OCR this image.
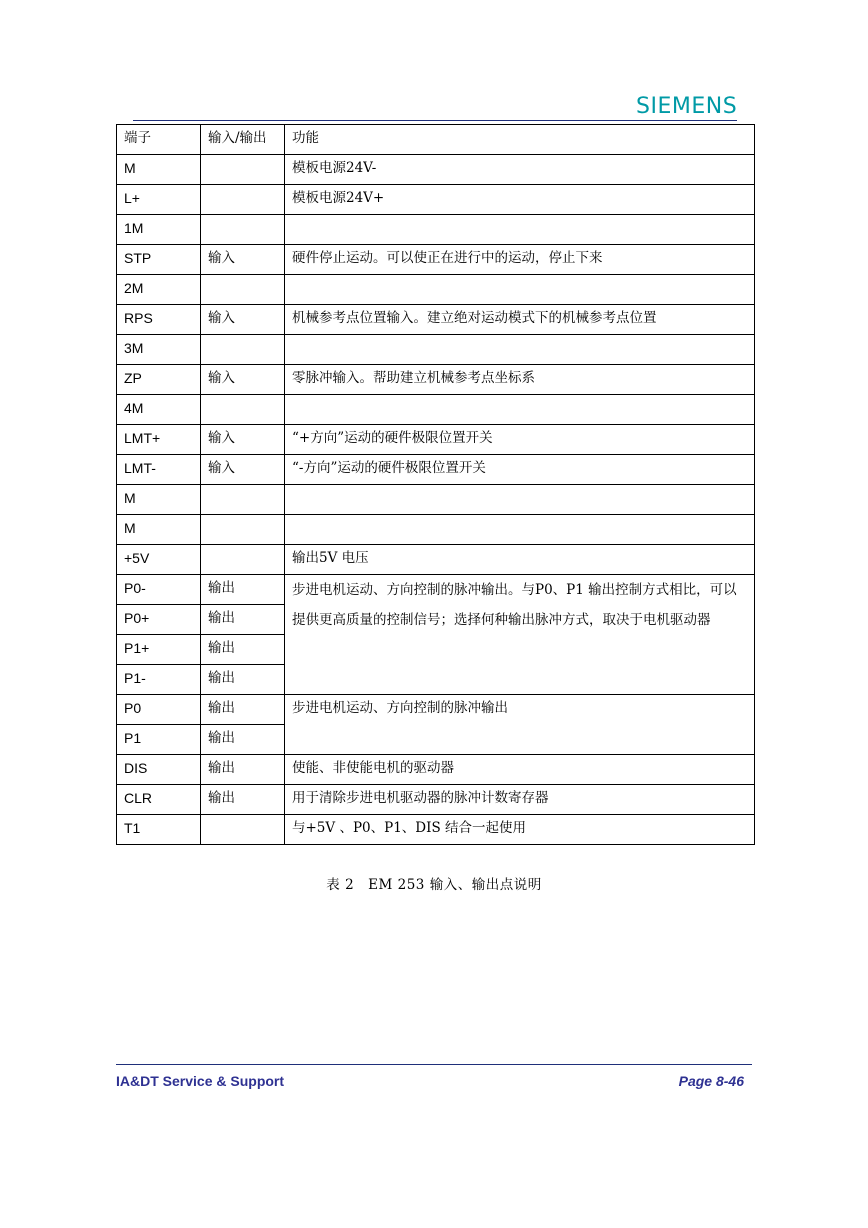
SIEMENS
端子	输入/输出	功能
M		模板电源24V-
L+		模板电源24V+
1M		
STP	输入	硬件停止运动。可以使正在进行中的运动，停止下来
2M		
RPS	输入	机械参考点位置输入。建立绝对运动模式下的机械参考点位置
3M		
ZP	输入	零脉冲输入。帮助建立机械参考点坐标系
4M		
LMT+	输入	“+方向”运动的硬件极限位置开关
LMT-	输入	“-方向”运动的硬件极限位置开关
M		
M		
+5V		输出5V 电压
P0-	输出	步进电机运动、方向控制的脉冲输出。与P0、P1 输出控制方式相比，可以提供更高质量的控制信号；选择何种输出脉冲方式，取决于电机驱动器
P0+	输出	
P1+	输出	
P1-	输出	
P0	输出	步进电机运动、方向控制的脉冲输出
P1	输出	
DIS	输出	使能、非使能电机的驱动器
CLR	输出	用于清除步进电机驱动器的脉冲计数寄存器
T1		与+5V 、P0、P1、DIS 结合一起使用
表 2　EM 253 输入、输出点说明
IA&DT Service & Support	Page 8-46
